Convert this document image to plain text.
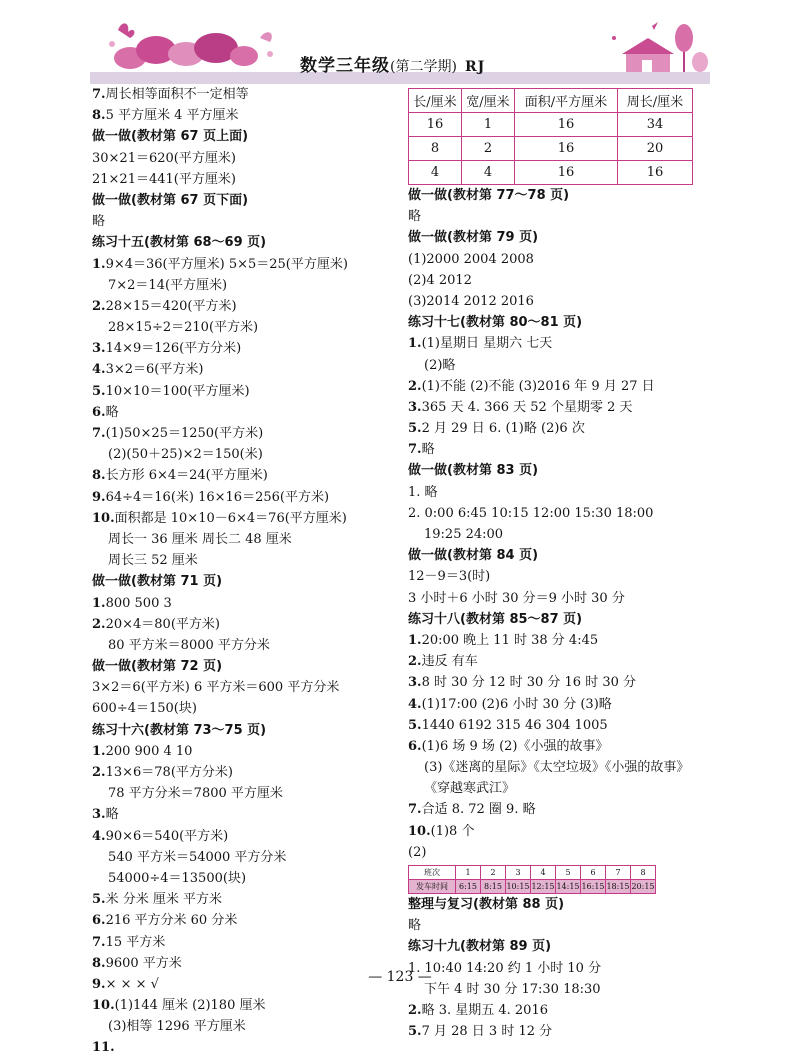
数学三年级(第二学期) RJ
7.周长相等面积不一定相等
8.5 平方厘米 4 平方厘米
做一做(教材第 67 页上面)
30×21＝620(平方厘米)
21×21＝441(平方厘米)
做一做(教材第 67 页下面)
略
练习十五(教材第 68～69 页)
1.9×4＝36(平方厘米) 5×5＝25(平方厘米)
7×2＝14(平方厘米)
2.28×15＝420(平方米)
28×15÷2＝210(平方米)
3.14×9＝126(平方分米)
4.3×2＝6(平方米)
5.10×10＝100(平方厘米)
6.略
7.(1)50×25＝1250(平方米)
(2)(50＋25)×2＝150(米)
8.长方形 6×4＝24(平方厘米)
9.64÷4＝16(米) 16×16＝256(平方米)
10.面积都是 10×10－6×4＝76(平方厘米)
周长一 36 厘米 周长二 48 厘米
周长三 52 厘米
做一做(教材第 71 页)
1.800 500 3
2.20×4＝80(平方米)
80 平方米＝8000 平方分米
做一做(教材第 72 页)
3×2＝6(平方米) 6 平方米＝600 平方分米
600÷4＝150(块)
练习十六(教材第 73～75 页)
1.200 900 4 10
2.13×6＝78(平方分米)
78 平方分米＝7800 平方厘米
3.略
4.90×6＝540(平方米)
540 平方米＝54000 平方分米
54000÷4＝13500(块)
5.米 分米 厘米 平方米
6.216 平方分米 60 分米
7.15 平方米
8.9600 平方米
9.× × × √
10.(1)144 厘米 (2)180 厘米
(3)相等 1296 平方厘米
11.
长/厘米	宽/厘米	面积/平方厘米	周长/厘米
16	1	16	34
8	2	16	20
4	4	16	16
做一做(教材第 77～78 页)
略
做一做(教材第 79 页)
(1)2000 2004 2008
(2)4 2012
(3)2014 2012 2016
练习十七(教材第 80～81 页)
1.(1)星期日 星期六 七天
(2)略
2.(1)不能 (2)不能 (3)2016 年 9 月 27 日
3.365 天 4. 366 天 52 个星期零 2 天
5.2 月 29 日 6. (1)略 (2)6 次
7.略
做一做(教材第 83 页)
1. 略
2. 0:00 6:45 10:15 12:00 15:30 18:00
19:25 24:00
做一做(教材第 84 页)
12－9＝3(时)
3 小时＋6 小时 30 分＝9 小时 30 分
练习十八(教材第 85～87 页)
1.20:00 晚上 11 时 38 分 4:45
2.违反 有车
3.8 时 30 分 12 时 30 分 16 时 30 分
4.(1)17:00 (2)6 小时 30 分 (3)略
5.1440 6192 315 46 304 1005
6.(1)6 场 9 场 (2)《小强的故事》
(3)《迷离的星际》《太空垃圾》《小强的故事》
《穿越寒武江》
7.合适 8. 72 圈 9. 略
10.(1)8 个
(2)
班次	1	2	3	4	5	6	7	8
发车时间	6:15	8:15	10:15	12:15	14:15	16:15	18:15	20:15
整理与复习(教材第 88 页)
略
练习十九(教材第 89 页)
1. 10:40 14:20 约 1 小时 10 分
下午 4 时 30 分 17:30 18:30
2.略 3. 星期五 4. 2016
5.7 月 28 日 3 时 12 分
— 123 —
